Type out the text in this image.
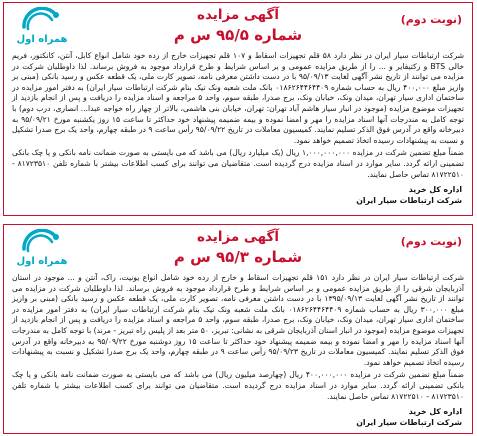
آگهی مزایده
شماره ۹۵/۵ س م
(نوبت دوم)
همراه اول

شرکت ارتباطات سیار ایران در نظر دارد ۵۸ قلم تجهیزات اسقاط و ۱۰۷ قلم تجهیزات خارج از رده خود شامل انواع کابل، آنتن، کانکتور، فریم خالی BTS و رکتیفایر و ... را از طریق مزایده عمومی و بر اساس شرایط و طرح قرارداد موجود به فروش برساند. لذا داوطلبان شرکت در مزایده می توانند از تاریخ نشر آگهی لغایت ۹۵/۰۹/۱۳ با در دست داشتن معرفی نامه، تصویر کارت ملی، یک قطعه عکس و رسید بانکی (مبنی بر واریز مبلغ ۴۰۰,۰۰۰ ریال به حساب شماره ۰۱۸۶۲۶۴۴۶۴۴۰۹ بانک ملت شعبه ونک تیک بنام شرکت ارتباطات سیار ایران) به دفتر امور مزایده در ساختمان اداری سیار تهران، میدان ونک، خیابان ونک، برج صدرا، طبقه سوم، واحد ۵ مراجعه و اسناد مزایده را دریافت و پس از انجام بازدید از تجهیزات موضوع مزایده (موجود در انبار سیار هاشم آباد تهران: تهران، خیابان بنی هاشمی، بالاتر از چهار راه خواجه عبدا... انصاری، درب دوم) با توجه کامل به مندرجات آنها اسناد مزایده را مهر و امضا نموده و بیمه ضمیمه پیشنهاد خود حداکثر تا ساعت ۱۵ روز یکشنبه مورخ ۹۵/۰۹/۲۱ به دبیرخانه واقع در آدرس فوق الذکر تسلیم نمایند. کمیسیون معاملات در تاریخ ۹۵/۰۹/۲۲ رأس ساعت ۹ در طبقه چهارم، واحد یک برج صدرا تشکیل و نسبت به پیشنهادات رسیده اتخاذ تصمیم خواهد نمود.

ضمناً مبلغ تضمین شرکت در مزایده ۱,۰۰۰,۰۰۰,۰۰۰ ریال (یک میلیارد ریال) می باشد که می بایستی به صورت ضمانت نامه بانکی و یا چک بانکی تضمینی ارائه گردد. سایر موارد در اسناد مزایده درج گردیده است. متقاضیان می توانند برای کسب اطلاعات بیشتر با شماره تلفن ۸۱۷۲۳۵۱۰ - ۸۱۷۲۲۵۱۰ تماس حاصل نمایند.

اداره کل خرید
شرکت ارتباطات سیار ایران
آگهی مزایده
شماره ۹۵/۳ س م
(نوبت دوم)
همراه اول

شرکت ارتباطات سیار ایران در نظر دارد ۱۵۱ قلم تجهیزات اسقاط و خارج از رده خود شامل انواع یونیت، راک، آنتن و ... موجود در استان آذربایجان شرقی را از طریق مزایده عمومی و بر اساس شرایط و طرح قرارداد موجود به فروش برساند. لذا داوطلبان شرکت در مزایده می توانند از تاریخ نشر آگهی لغایت ۱۳۹۵/۰۹/۱۳ با در دست داشتن معرفی نامه، تصویر کارت ملی، یک قطعه عکس و رسید بانکی (مبنی بر واریز مبلغ ۳۰۰,۰۰۰ ریال به حساب شماره ۰۱۸۶۲۶۴۴۶۴۴۰۹ بانک ملت شعبه ونک تیک بنام شرکت ارتباطات سیار ایران) به دفتر امور مزایده در ساختمان اداری سیار تهران، میدان ونک، خیابان ونک، برج صدرا، طبقه سوم، واحد ۵ مراجعه و اسناد مزایده را دریافت و پس از انجام بازدید از تجهیزات موضوع مزایده (موجود در انبار استان آذربایجان شرقی به نشانی: تبریز، ۵۰ متر بعد از پلیس راه تبریز - مرند) با توجه کامل به مندرجات آنها اسناد مزایده را مهر و امضا نموده و بیمه ضمیمه پیشنهاد خود حداکثر تا ساعت ۱۵ روز دوشنبه مورخ ۹۵/۰۹/۲۲ به دبیرخانه واقع در آدرس فوق الذکر تسلیم نمایند. کمیسیون معاملات در تاریخ ۹۵/۰۹/۲۳ رأس ساعت ۹ در طبقه چهارم، واحد یک برج صدرا تشکیل و نسبت به پیشنهادات رسیده اتخاذ تصمیم خواهد نمود.

ضمناً مبلغ تضمین شرکت در مزایده ۴۰۰,۰۰۰,۰۰۰ ریال (چهارصد میلیون ریال) می باشد که می بایستی به صورت ضمانت نامه بانکی و یا چک بانکی تضمینی ارائه گردد. سایر موارد در اسناد مزایده درج گردیده است. متقاضیان می توانند برای کسب اطلاعات بیشتر با شماره تلفن ۸۱۷۲۳۵۱۰ - ۸۱۷۲۲۵۱۰ تماس حاصل نمایند.

اداره کل خرید
شرکت ارتباطات سیار ایران
